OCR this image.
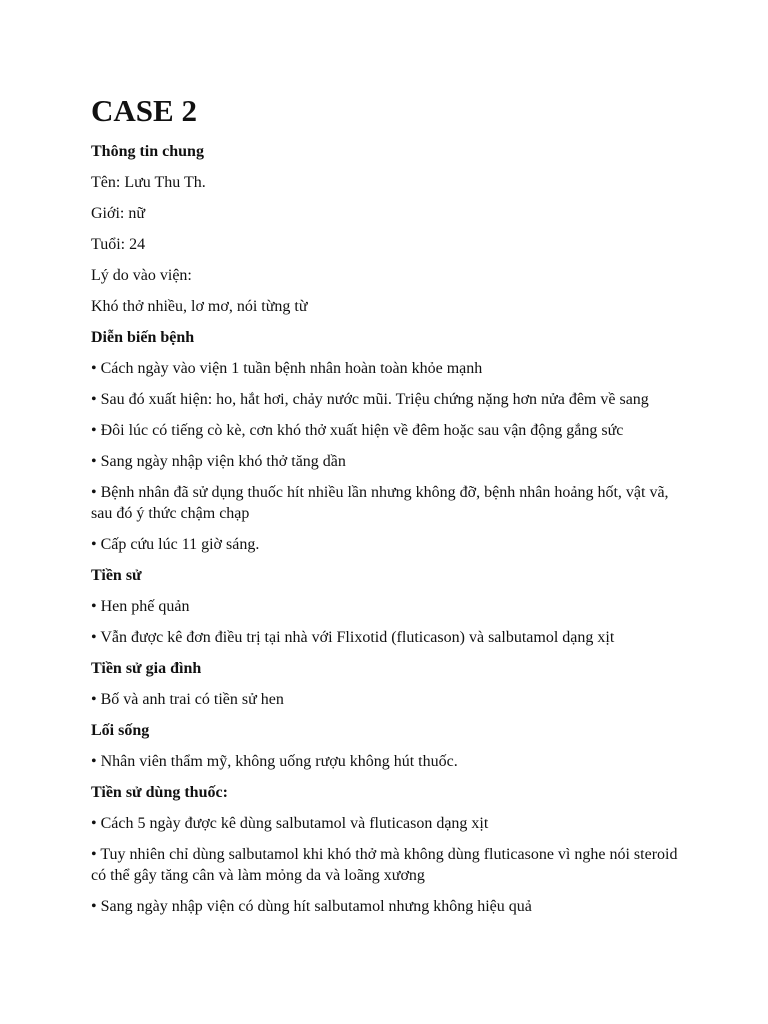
CASE 2
Thông tin chung
Tên: Lưu Thu Th.
Giới: nữ
Tuổi: 24
Lý do vào viện:
Khó thở nhiều, lơ mơ, nói từng từ
Diễn biến bệnh
• Cách ngày vào viện 1 tuần bệnh nhân hoàn toàn khỏe mạnh
• Sau đó xuất hiện: ho, hắt hơi, chảy nước mũi. Triệu chứng nặng hơn nửa đêm về sang
• Đôi lúc có tiếng cò kè, cơn khó thở xuất hiện về đêm hoặc sau vận động gắng sức
• Sang ngày nhập viện khó thở tăng dần
• Bệnh nhân đã sử dụng thuốc hít nhiều lần nhưng không đỡ, bệnh nhân hoảng hốt, vật vã, sau đó ý thức chậm chạp
• Cấp cứu lúc 11 giờ sáng.
Tiền sử
• Hen phế quản
• Vẫn được kê đơn điều trị tại nhà với Flixotid (fluticason) và salbutamol dạng xịt
Tiền sử gia đình
• Bố và anh trai có tiền sử hen
Lối sống
• Nhân viên thẩm mỹ, không uống rượu không hút thuốc.
Tiền sử dùng thuốc:
• Cách 5 ngày được kê dùng salbutamol và fluticason dạng xịt
• Tuy nhiên chỉ dùng salbutamol khi khó thở mà không dùng fluticasone vì nghe nói steroid có thể gây tăng cân và làm mỏng da và loãng xương
• Sang ngày nhập viện có dùng hít salbutamol nhưng không hiệu quả
